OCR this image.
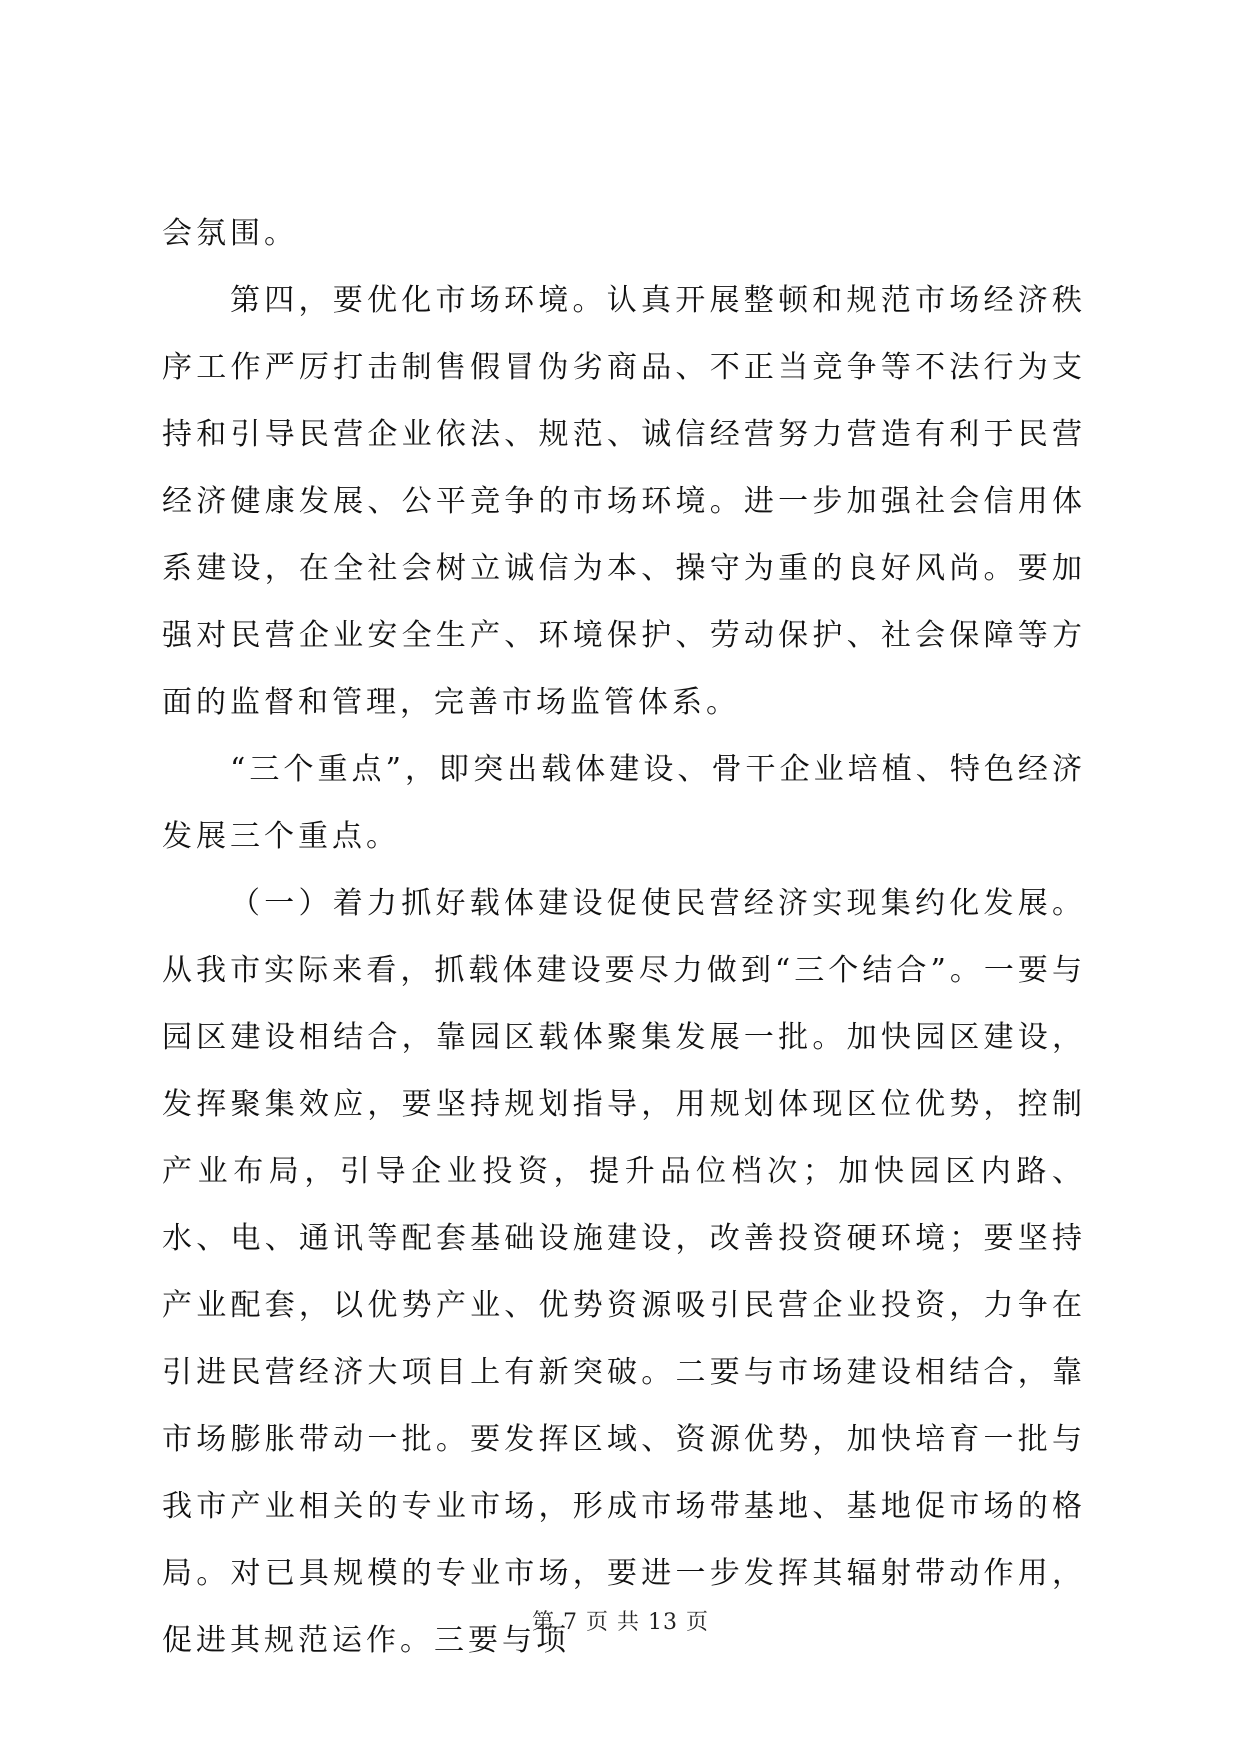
会氛围。

第四，要优化市场环境。认真开展整顿和规范市场经济秩序工作严厉打击制售假冒伪劣商品、不正当竞争等不法行为支持和引导民营企业依法、规范、诚信经营努力营造有利于民营经济健康发展、公平竞争的市场环境。进一步加强社会信用体系建设，在全社会树立诚信为本、操守为重的良好风尚。要加强对民营企业安全生产、环境保护、劳动保护、社会保障等方面的监督和管理，完善市场监管体系。

“三个重点”，即突出载体建设、骨干企业培植、特色经济发展三个重点。

（一）着力抓好载体建设促使民营经济实现集约化发展。从我市实际来看，抓载体建设要尽力做到“三个结合”。一要与园区建设相结合，靠园区载体聚集发展一批。加快园区建设，发挥聚集效应，要坚持规划指导，用规划体现区位优势，控制产业布局，引导企业投资，提升品位档次；加快园区内路、水、电、通讯等配套基础设施建设，改善投资硬环境；要坚持产业配套，以优势产业、优势资源吸引民营企业投资，力争在引进民营经济大项目上有新突破。二要与市场建设相结合，靠市场膨胀带动一批。要发挥区域、资源优势，加快培育一批与我市产业相关的专业市场，形成市场带基地、基地促市场的格局。对已具规模的专业市场，要进一步发挥其辐射带动作用，促进其规范运作。三要与项

第 7 页 共 13 页
